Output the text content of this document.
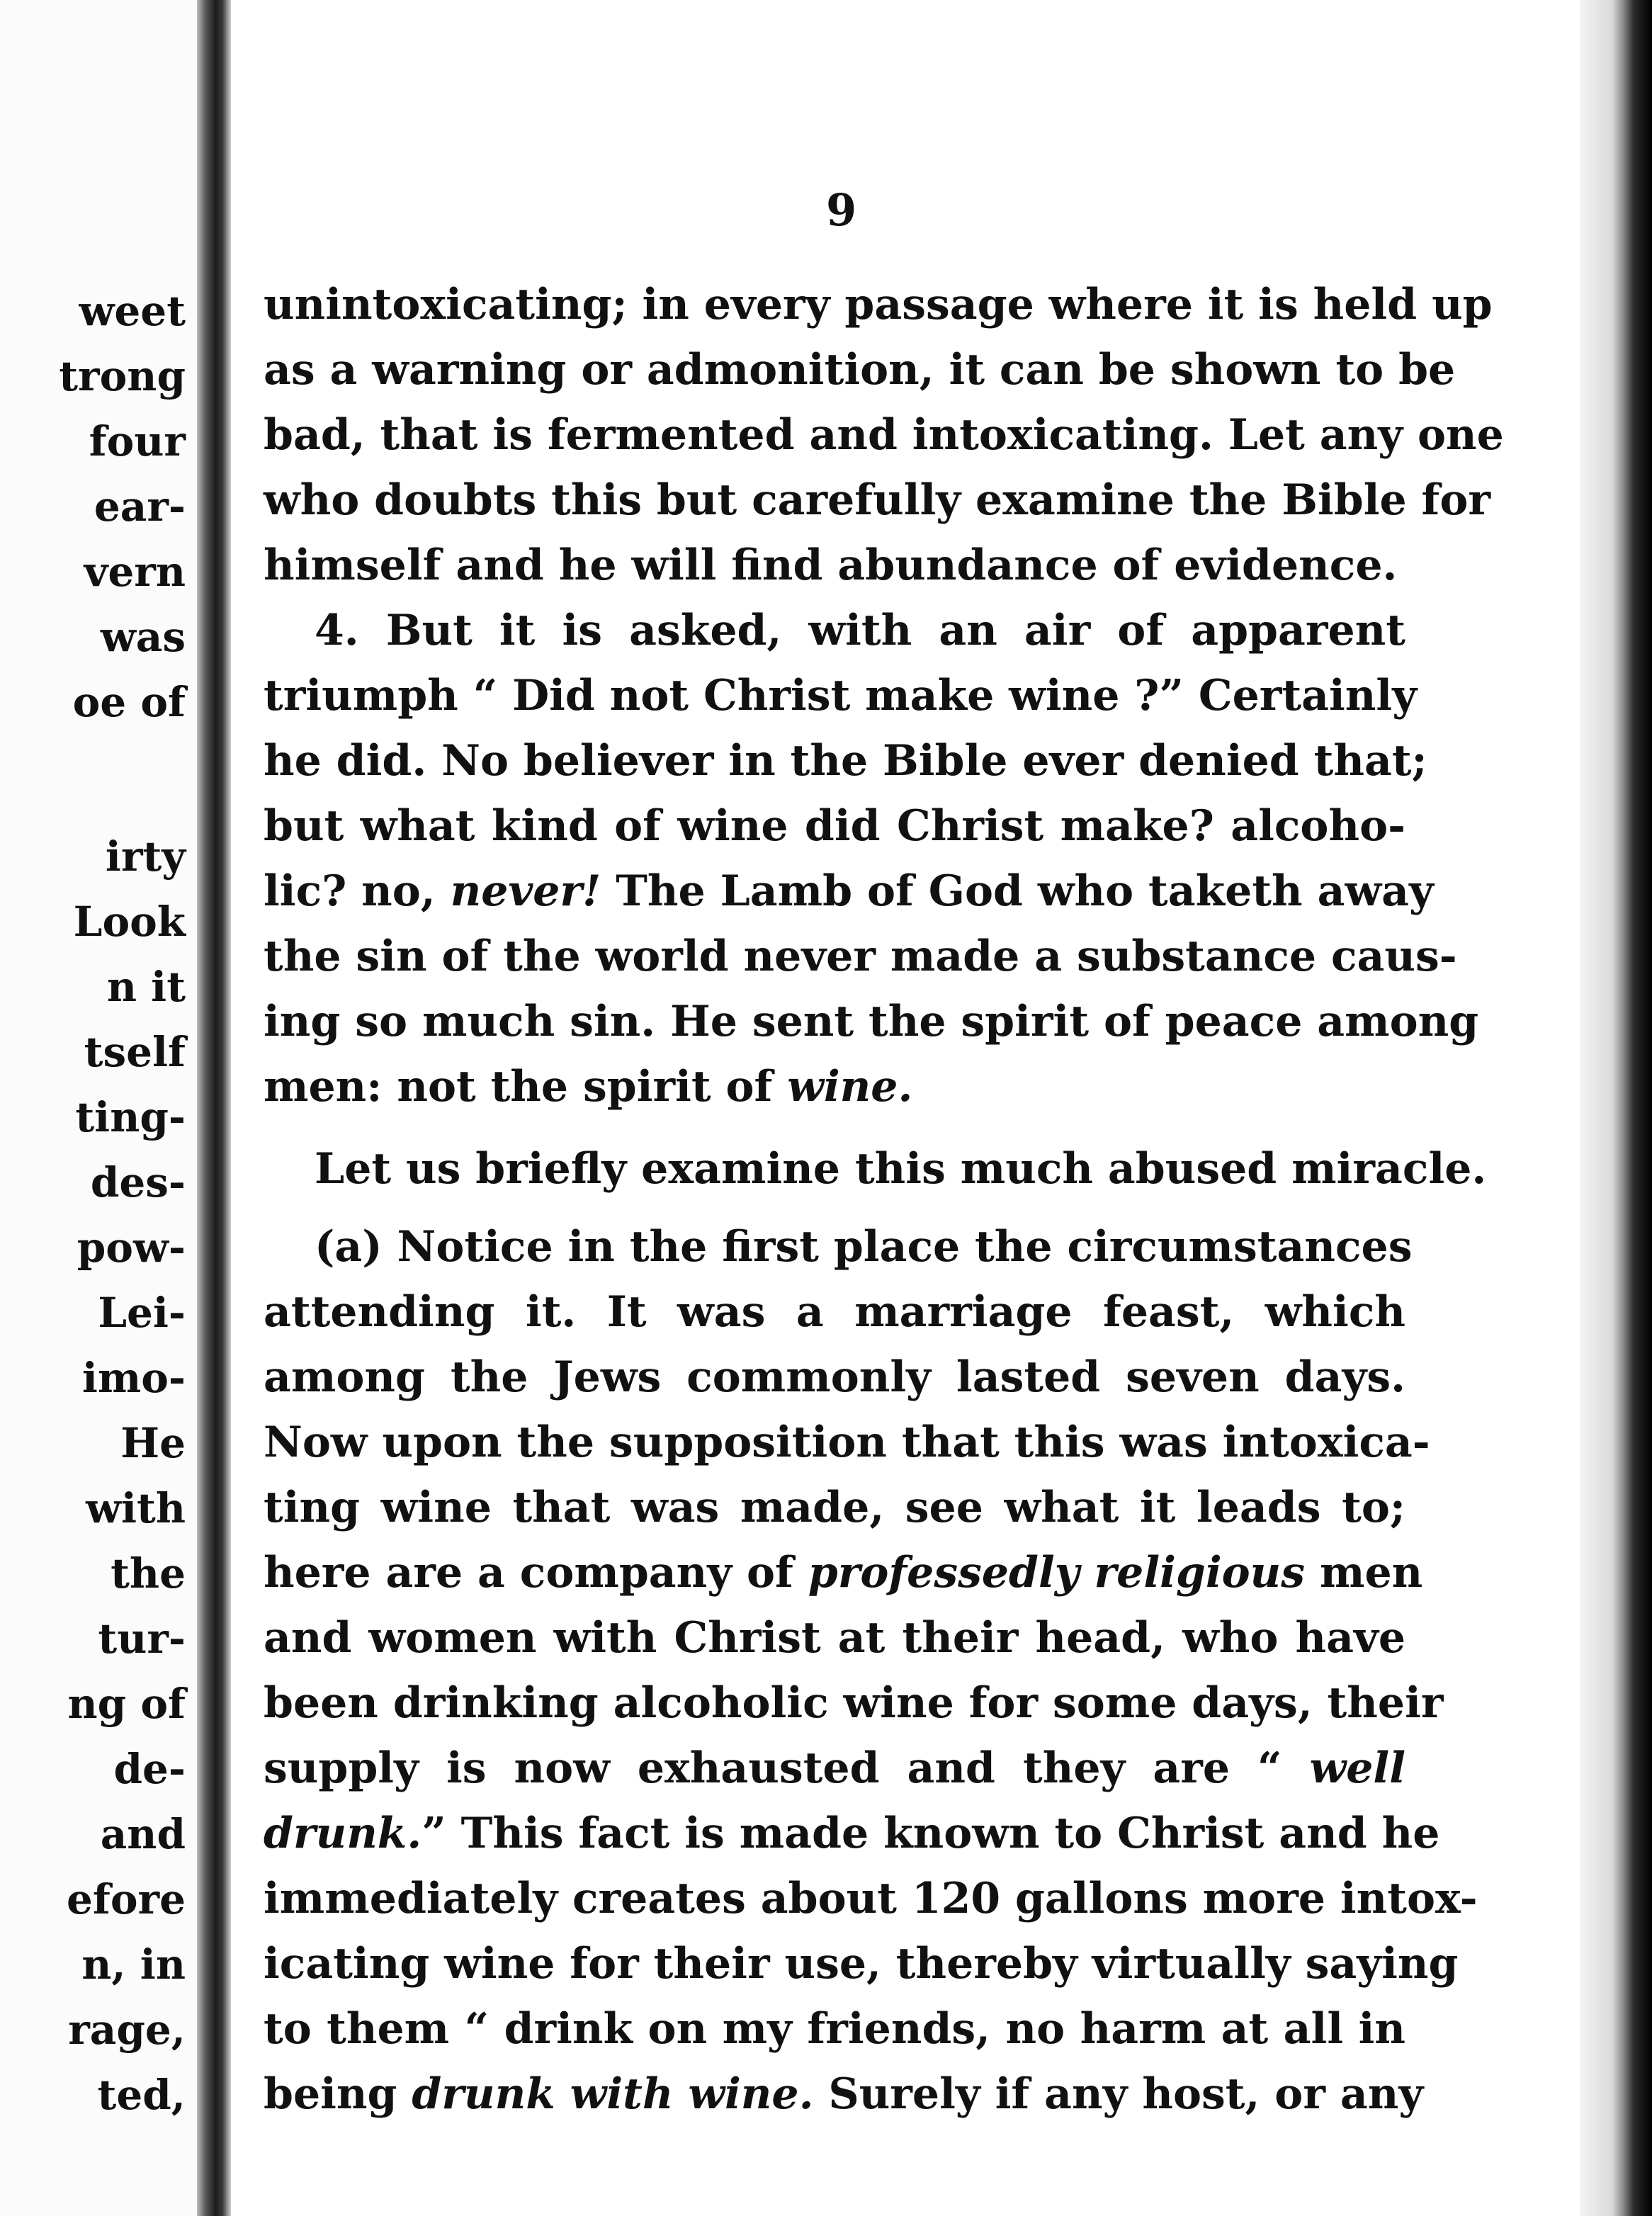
weet
trong
four
ear-
vern
was
oe of
irty
Look
n it
tself
ting-
des-
pow-
Lei-
imo-
He
with
the
tur-
ng of
de-
and
efore
n, in
rage,
ted,
9
unintoxicating; in every passage where it is held up
as a warning or admonition, it can be shown to be
bad, that is fermented and intoxicating. Let any one
who doubts this but carefully examine the Bible for
himself and he will find abundance of evidence.
4. But it is asked, with an air of apparent
triumph “ Did not Christ make wine ?” Certainly
he did. No believer in the Bible ever denied that;
but what kind of wine did Christ make? alcoho-
lic? no, never! The Lamb of God who taketh away
the sin of the world never made a substance caus-
ing so much sin. He sent the spirit of peace among
men: not the spirit of wine.
Let us briefly examine this much abused miracle.
(a) Notice in the first place the circumstances
attending it. It was a marriage feast, which
among the Jews commonly lasted seven days.
Now upon the supposition that this was intoxica-
ting wine that was made, see what it leads to;
here are a company of professedly religious men
and women with Christ at their head, who have
been drinking alcoholic wine for some days, their
supply is now exhausted and they are “ well
drunk.” This fact is made known to Christ and he
immediately creates about 120 gallons more intox-
icating wine for their use, thereby virtually saying
to them “ drink on my friends, no harm at all in
being drunk with wine. Surely if any host, or any
